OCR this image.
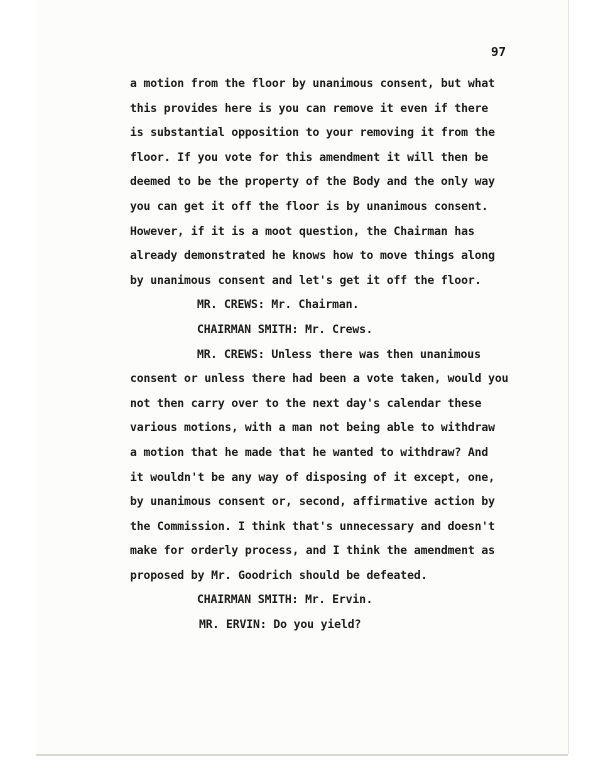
97
a motion from the floor by unanimous consent, but what
this provides here is you can remove it even if there
is substantial opposition to your removing it from the
floor. If you vote for this amendment it will then be
deemed to be the property of the Body and the only way
you can get it off the floor is by unanimous consent.
However, if it is a moot question, the Chairman has
already demonstrated he knows how to move things along
by unanimous consent and let's get it off the floor.
MR. CREWS: Mr. Chairman.
CHAIRMAN SMITH: Mr. Crews.
MR. CREWS: Unless there was then unanimous
consent or unless there had been a vote taken, would you
not then carry over to the next day's calendar these
various motions, with a man not being able to withdraw
a motion that he made that he wanted to withdraw? And
it wouldn't be any way of disposing of it except, one,
by unanimous consent or, second, affirmative action by
the Commission. I think that's unnecessary and doesn't
make for orderly process, and I think the amendment as
proposed by Mr. Goodrich should be defeated.
CHAIRMAN SMITH: Mr. Ervin.
MR. ERVIN: Do you yield?
